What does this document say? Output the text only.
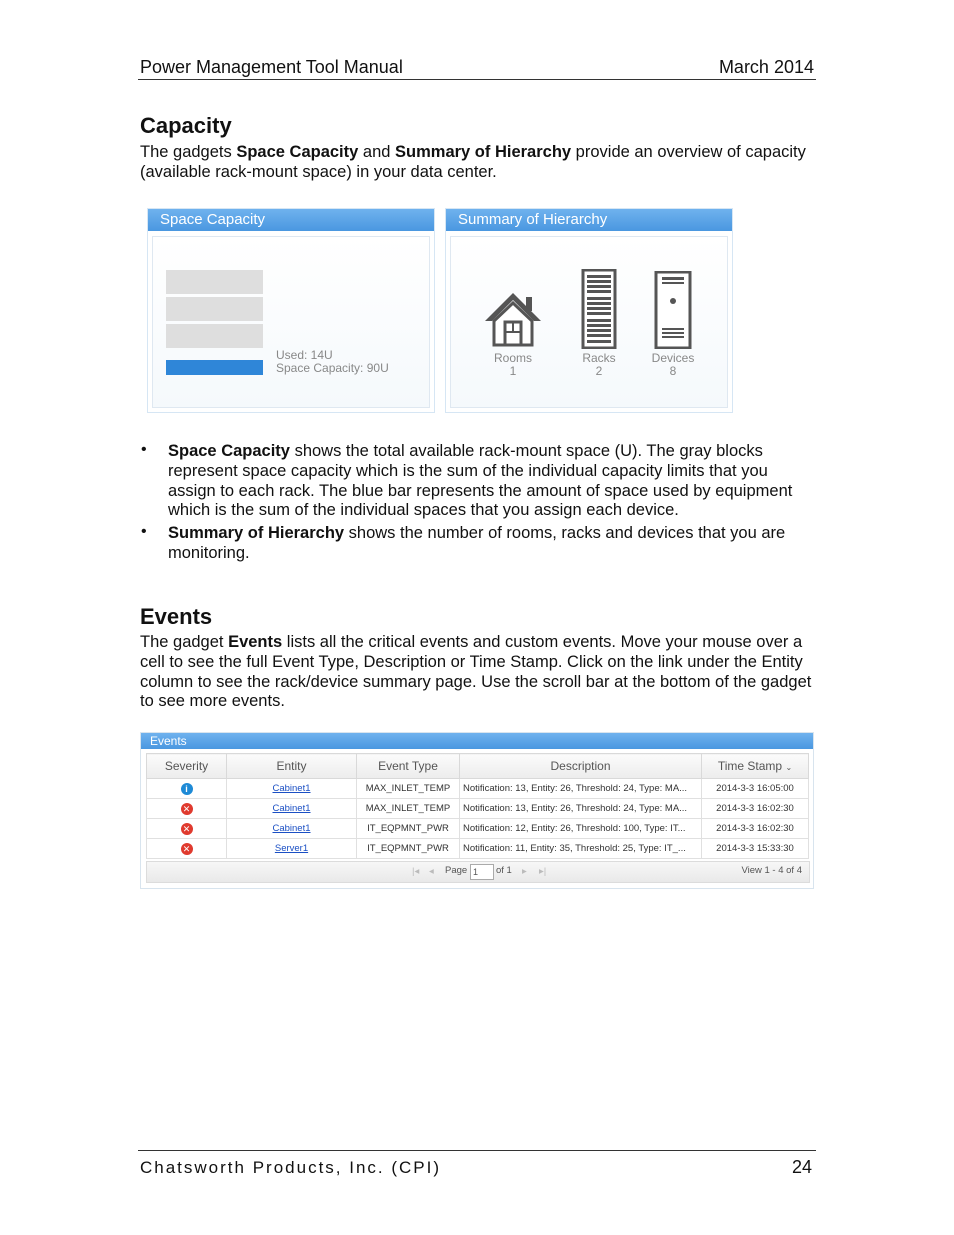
Power Management Tool Manual	March 2014
Capacity
The gadgets Space Capacity and Summary of Hierarchy provide an overview of capacity (available rack-mount space) in your data center.
Space Capacity
Used: 14U
Space Capacity: 90U
Summary of Hierarchy
Rooms
1
Racks
2
Devices
8
• Space Capacity shows the total available rack-mount space (U). The gray blocks represent space capacity which is the sum of the individual capacity limits that you assign to each rack. The blue bar represents the amount of space used by equipment which is the sum of the individual spaces that you assign each device.
• Summary of Hierarchy shows the number of rooms, racks and devices that you are monitoring.
Events
The gadget Events lists all the critical events and custom events. Move your mouse over a cell to see the full Event Type, Description or Time Stamp. Click on the link under the Entity column to see the rack/device summary page. Use the scroll bar at the bottom of the gadget to see more events.
Events
Severity	Entity	Event Type	Description	Time Stamp ⌄
i	Cabinet1	MAX_INLET_TEMP	Notification: 13, Entity: 26, Threshold: 24, Type: MA...	2014-3-3 16:05:00
✕	Cabinet1	MAX_INLET_TEMP	Notification: 13, Entity: 26, Threshold: 24, Type: MA...	2014-3-3 16:02:30
✕	Cabinet1	IT_EQPMNT_PWR	Notification: 12, Entity: 26, Threshold: 100, Type: IT...	2014-3-3 16:02:30
✕	Server1	IT_EQPMNT_PWR	Notification: 11, Entity: 35, Threshold: 25, Type: IT_...	2014-3-3 15:33:30
|◂ ◂ Page 1	of 1 ▸ ▸|	View 1 - 4 of 4
Chatsworth Products, Inc. (CPI)	24
